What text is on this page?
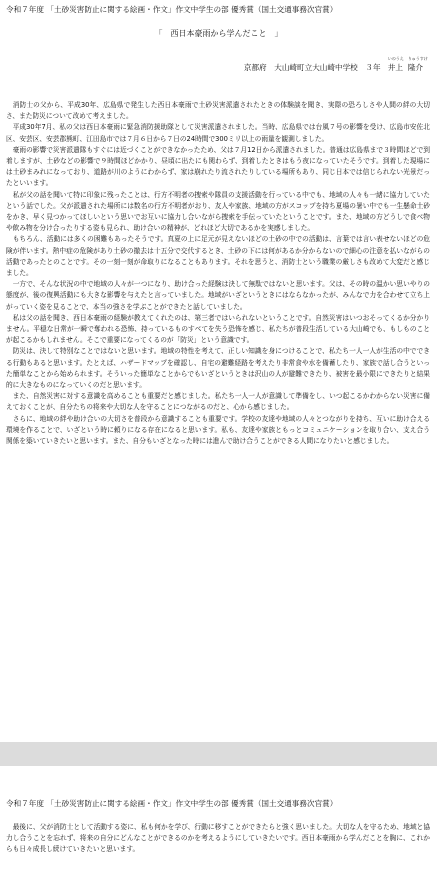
令和７年度 「土砂災害防止に関する絵画・作文」作文中学生の部 優秀賞（国土交通事務次官賞）
「　西日本豪雨から学んだこと　」
京都府　大山崎町立大山崎中学校　３年
いのうえ
井上
りゅうすけ
隆介

消防士の父から、平成30年、広島県で発生した西日本豪雨で土砂災害派遣されたときの体験談を聞き、実際の恐ろしさや人間の絆の大切さ、また防災について改めて考えました。

平成30年7月、私の父は西日本豪雨に緊急消防援助隊として災害派遣されました。当時、広島県では台風７号の影響を受け、広島市安佐北区、安芸区、安芸郡熊町、江田島市では７月６日から７日の24時間で300ミリ以上の雨量を観測しました。

豪雨の影響で災害派遣隊もすぐには近づくことができなかったため、父は７月12日から派遣されました。普通は広島県まで３時間ほどで到着しますが、土砂などの影響で９時間ほどかかり、昼頃に出たにも関わらず、到着したときはもう夜になっていたそうです。到着した現場には土砂まみれになっており、道路が川のようにわからず、家は崩れたり流されたりしている場所もあり、同じ日本では信じられない光景だったといいます。

私が父の話を聞いて特に印象に残ったことは、行方不明者の捜索や隊員の支援活動を行っている中でも、地域の人々も一緒に協力していたという話でした。父が派遣された場所には数名の行方不明者がおり、友人や家族、地域の方がスコップを持ち夏場の暑い中でも一生懸命土砂をかき、早く見つかってほしいという思いでお互いに協力し合いながら捜索を手伝っていたということです。また、地域の方どうしで食べ物や飲み物を分け合ったりする姿も見られ、助け合いの精神が、どれほど大切であるかを実感しました。

もちろん、活動には多くの困難もあったそうです。真夏の上に足元が見えないほどの土砂の中での活動は、言葉では言い表せないほどの危険が伴います。熱中症の危険があり土砂の撤去は十五分で交代するとき、土砂の下には何があるか分からないので細心の注意を払いながらの活動であったとのことです。その一刻一刻が命取りになることもあります。それを思うと、消防士という職業の厳しさも改めて大変だと感じました。

一方で、そんな状況の中で地域の人々が一つになり、助け合った経験は決して無駄ではないと思います。父は、その時の温かい思いやりの態度が、後の復興活動にも大きな影響を与えたと言っていました。地域がいざというときにはならなかったが、みんなで力を合わせて立ち上がっていく姿を見ることで、本当の強さを学ぶことができたと話していました。

私は父の話を聞き、西日本豪雨の経験が教えてくれたのは、第三者ではいられないということです。自然災害はいつおそってくるか分かりません。平穏な日常が一瞬で奪われる恐怖、持っているものすべてを失う恐怖を感じ、私たちが普段生活している大山崎でも、もしものことが起こるかもしれません。そこで重要になってくるのが「防災」という意識です。

防災は、決して特別なことではないと思います。地域の特性を考えて、正しい知識を身につけることで、私たち一人一人が生活の中でできる行動もあると思います。たとえば、ハザードマップを確認し、自宅の避難経路を考えたり非常食や水を備蓄したり、家族で話し合うといった簡単なことから始められます。そういった簡単なことからでもいざというときは沢山の人が避難できたり、被害を最小限にできたりと結果的に大きなものになっていくのだと思います。

また、自然災害に対する意識を高めることも重要だと感じました。私たち一人一人が意識して準備をし、いつ起こるかわからない災害に備えておくことが、自分たちの将来や大切な人を守ることにつながるのだと、心から感じました。

さらに、地域の絆や助け合いの大切さを普段から意識することも重要です。学校の友達や地域の人々とつながりを持ち、互いに助け合える環境を作ることで、いざという時に頼りになる存在になると思います。私も、友達や家族ともっとコミュニケーションを取り合い、支え合う関係を築いていきたいと思います。また、自分もいざとなった時には進んで助け合うことができる人間になりたいと感じました。

令和７年度 「土砂災害防止に関する絵画・作文」作文中学生の部 優秀賞（国土交通事務次官賞）

最後に、父が消防士として活動する姿に、私も何かを学び、行動に移すことができたらと強く思いました。大切な人を守るため、地域と協力し合うことを忘れず、将来の自分にどんなことができるのかを考えるようにしていきたいです。西日本豪雨から学んだことを胸に、これからも日々成長し続けていきたいと思います。
